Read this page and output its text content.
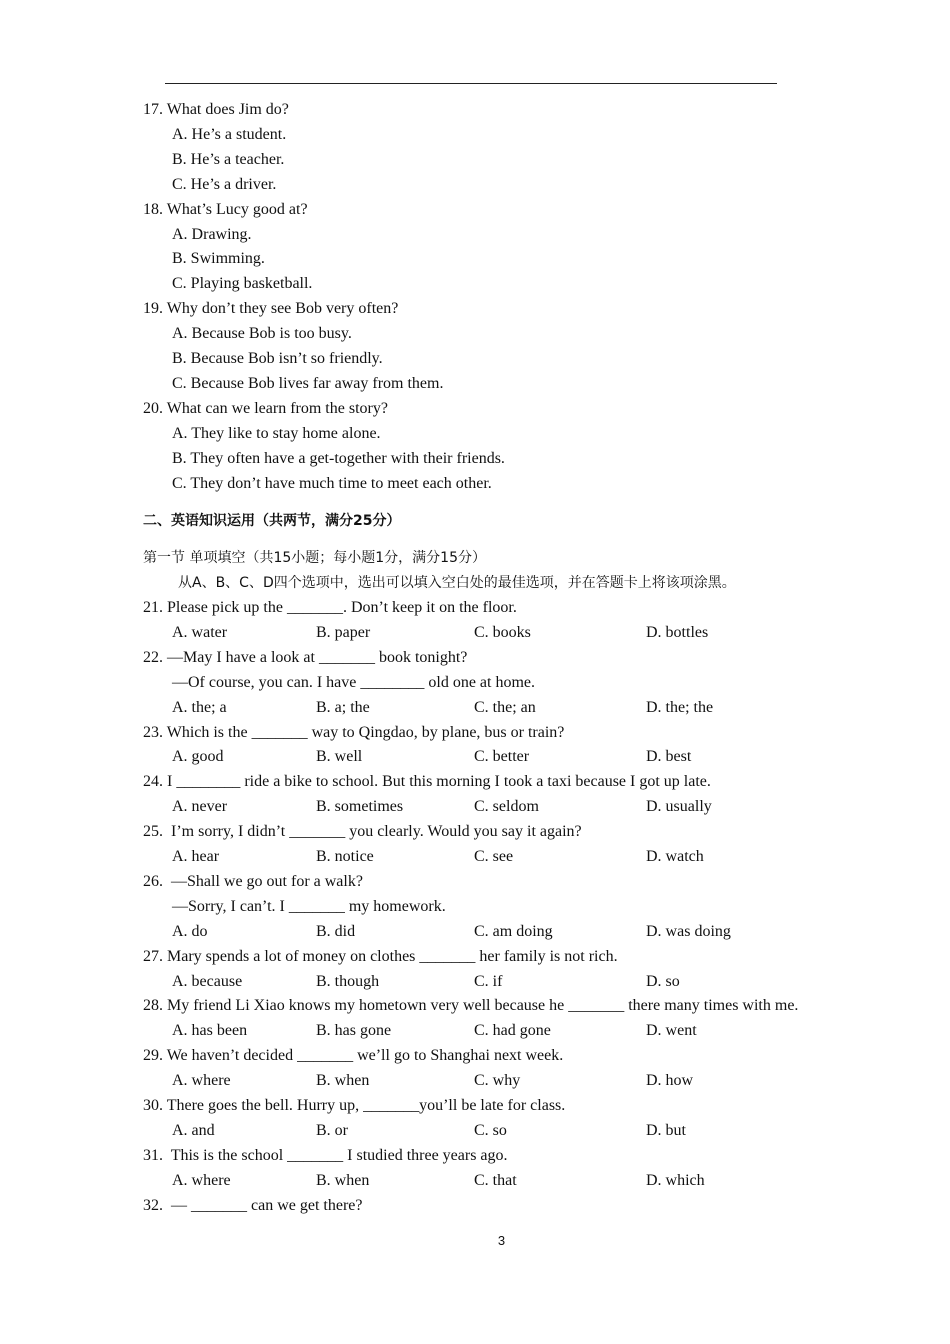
17. What does Jim do?
A. He’s a student.
B. He’s a teacher.
C. He’s a driver.
18. What’s Lucy good at?
A. Drawing.
B. Swimming.
C. Playing basketball.
19. Why don’t they see Bob very often?
A. Because Bob is too busy.
B. Because Bob isn’t so friendly.
C. Because Bob lives far away from them.
20. What can we learn from the story?
A. They like to stay home alone.
B. They often have a get-together with their friends.
C. They don’t have much time to meet each other.
二、英语知识运用（共两节，满分25分）
第一节 单项填空（共15小题；每小题1分，满分15分）
从A、B、C、D四个选项中，选出可以填入空白处的最佳选项，并在答题卡上将该项涂黑。
21. Please pick up the _______. Don’t keep it on the floor.
A. water	B. paper	C. books	D. bottles
22. —May I have a look at _______ book tonight?
—Of course, you can. I have ________ old one at home.
A. the; a	B. a; the	C. the; an	D. the; the
23. Which is the _______ way to Qingdao, by plane, bus or train?
A. good	B. well	C. better	D. best
24. I ________ ride a bike to school. But this morning I took a taxi because I got up late.
A. never	B. sometimes	C. seldom	D. usually
25.  I’m sorry, I didn’t _______ you clearly. Would you say it again?
A. hear	B. notice	C. see	D. watch
26.  —Shall we go out for a walk?
—Sorry, I can’t. I _______ my homework.
A. do	B. did	C. am doing	D. was doing
27. Mary spends a lot of money on clothes _______ her family is not rich.
A. because	B. though	C. if	D. so
28. My friend Li Xiao knows my hometown very well because he _______ there many times with me.
A. has been	B. has gone	C. had gone	D. went
29. We haven’t decided _______ we’ll go to Shanghai next week.
A. where	B. when	C. why	D. how
30. There goes the bell. Hurry up, _______you’ll be late for class.
A. and	B. or	C. so	D. but
31.  This is the school _______ I studied three years ago.
A. where	B. when	C. that	D. which
32.  — _______ can we get there?
3
